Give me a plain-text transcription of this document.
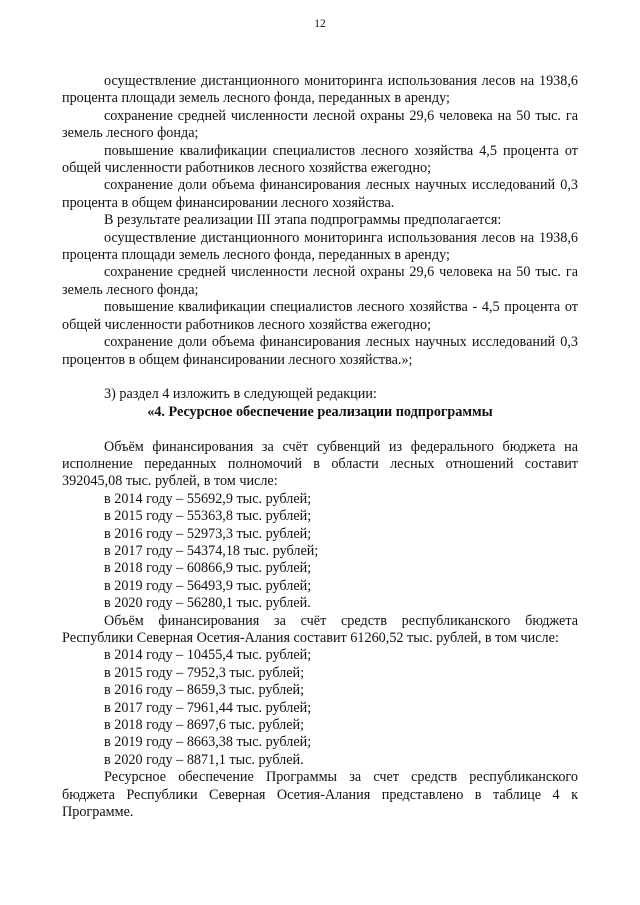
12

осуществление дистанционного мониторинга использования лесов на 1938,6 процента площади земель лесного фонда, переданных в аренду;

сохранение средней численности лесной охраны 29,6 человека на 50 тыс. га земель лесного фонда;

повышение квалификации специалистов лесного хозяйства 4,5 процента от общей численности работников лесного хозяйства ежегодно;

сохранение доли объема финансирования лесных научных исследований 0,3 процента в общем финансировании лесного хозяйства.

В результате реализации III этапа подпрограммы предполагается:

осуществление дистанционного мониторинга использования лесов на 1938,6 процента площади земель лесного фонда, переданных в аренду;

сохранение средней численности лесной охраны 29,6 человека на 50 тыс. га земель лесного фонда;

повышение квалификации специалистов лесного хозяйства - 4,5 процента от общей численности работников лесного хозяйства ежегодно;

сохранение доли объема финансирования лесных научных исследований 0,3 процентов в общем финансировании лесного хозяйства.»;

3) раздел 4 изложить в следующей редакции:

«4. Ресурсное обеспечение реализации подпрограммы

Объём финансирования за счёт субвенций из федерального бюджета на исполнение переданных полномочий в области лесных отношений составит 392045,08 тыс. рублей, в том числе:

в 2014 году – 55692,9 тыс. рублей;

в 2015 году – 55363,8 тыс. рублей;

в 2016 году – 52973,3 тыс. рублей;

в 2017 году – 54374,18 тыс. рублей;

в 2018 году – 60866,9 тыс. рублей;

в 2019 году – 56493,9 тыс. рублей;

в 2020 году – 56280,1 тыс. рублей.

Объём финансирования за счёт средств республиканского бюджета Республики Северная Осетия-Алания составит 61260,52 тыс. рублей, в том числе:

в 2014 году – 10455,4 тыс. рублей;

в 2015 году – 7952,3 тыс. рублей;

в 2016 году – 8659,3 тыс. рублей;

в 2017 году – 7961,44 тыс. рублей;

в 2018 году – 8697,6 тыс. рублей;

в 2019 году – 8663,38 тыс. рублей;

в 2020 году – 8871,1 тыс. рублей.

Ресурсное обеспечение Программы за счет средств республиканского бюджета Республики Северная Осетия-Алания представлено в таблице 4 к Программе.
